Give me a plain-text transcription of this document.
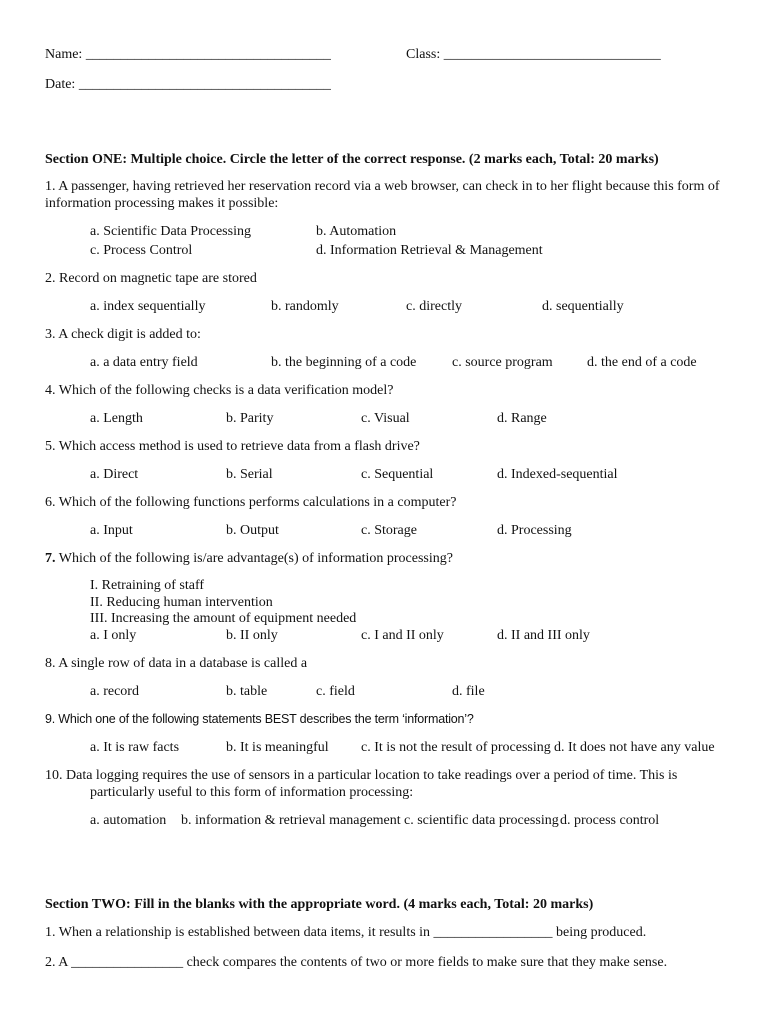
Name: ___________________________________	Class: _______________________________
Date: ____________________________________
Section ONE: Multiple choice. Circle the letter of the correct response. (2 marks each, Total: 20 marks)
1. A passenger, having retrieved her reservation record via a web browser, can check in to her flight because this form of
information processing makes it possible:
a. Scientific Data Processing	b. Automation
c. Process Control	d. Information Retrieval & Management
2. Record on magnetic tape are stored
a. index sequentially	b. randomly	c. directly	d. sequentially
3. A check digit is added to:
a. a data entry field	b. the beginning of a code	c. source program d. the end of a code
4. Which of the following checks is a data verification model?
a. Length	b. Parity	c. Visual	d. Range
5. Which access method is used to retrieve data from a flash drive?
a. Direct	b. Serial	c. Sequential	d. Indexed-sequential
6. Which of the following functions performs calculations in a computer?
a. Input	b. Output	c. Storage	d. Processing
7. Which of the following is/are advantage(s) of information processing?
I. Retraining of staff
II. Reducing human intervention
III. Increasing the amount of equipment needed
a. I only	b. II only	c. I and II only	d. II and III only
8. A single row of data in a database is called a
a. record	b. table	c. field	d. file
9. Which one of the following statements BEST describes the term ‘information’?
a. It is raw facts	b. It is meaningful c. It is not the result of processing d. It does not have any value
10. Data logging requires the use of sensors in a particular location to take readings over a period of time. This is
particularly useful to this form of information processing:
a. automation b. information & retrieval management c. scientific data processing d. process control
Section TWO: Fill in the blanks with the appropriate word. (4 marks each, Total: 20 marks)
1. When a relationship is established between data items, it results in _________________ being produced.
2. A ________________ check compares the contents of two or more fields to make sure that they make sense.
